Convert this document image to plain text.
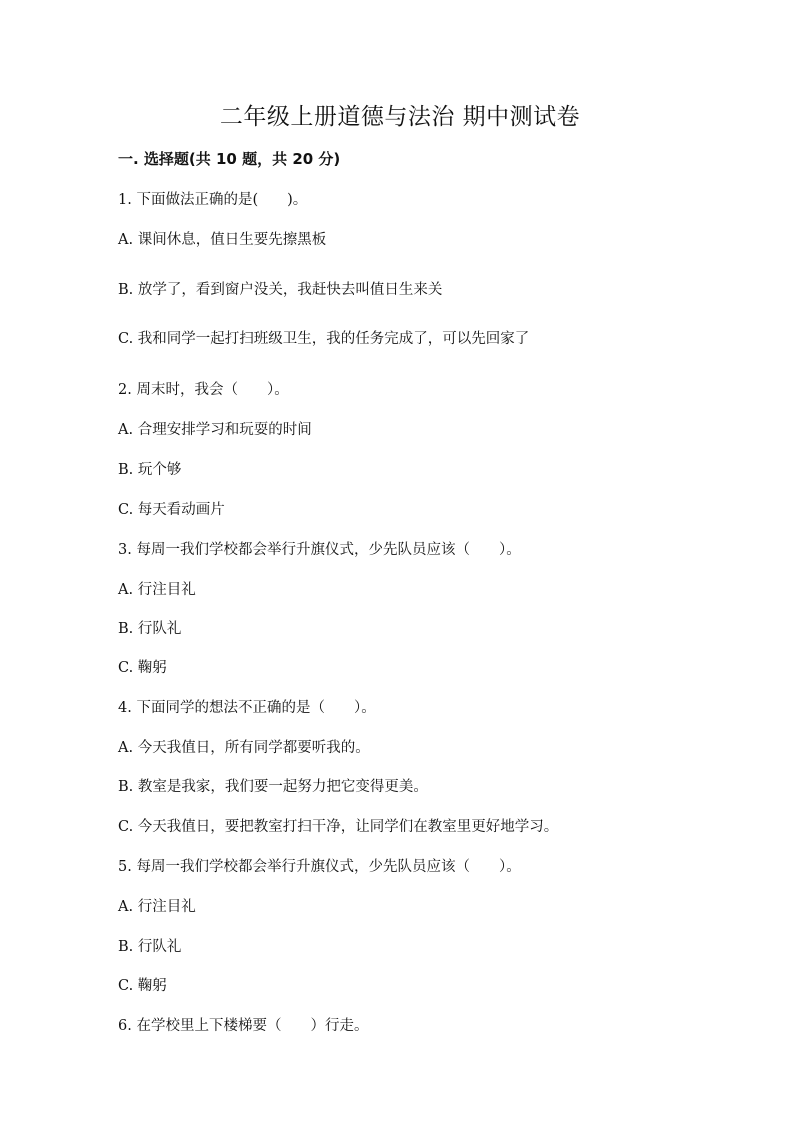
二年级上册道德与法治 期中测试卷
一. 选择题(共 10 题，共 20 分)
1. 下面做法正确的是(　　)。
A. 课间休息，值日生要先擦黑板
B. 放学了，看到窗户没关，我赶快去叫值日生来关
C. 我和同学一起打扫班级卫生，我的任务完成了，可以先回家了
2. 周末时，我会（　　）。
A. 合理安排学习和玩耍的时间
B. 玩个够
C. 每天看动画片
3. 每周一我们学校都会举行升旗仪式，少先队员应该（　　）。
A. 行注目礼
B. 行队礼
C. 鞠躬
4. 下面同学的想法不正确的是（　　）。
A. 今天我值日，所有同学都要听我的。
B. 教室是我家，我们要一起努力把它变得更美。
C. 今天我值日，要把教室打扫干净，让同学们在教室里更好地学习。
5. 每周一我们学校都会举行升旗仪式，少先队员应该（　　）。
A. 行注目礼
B. 行队礼
C. 鞠躬
6. 在学校里上下楼梯要（　　）行走。
